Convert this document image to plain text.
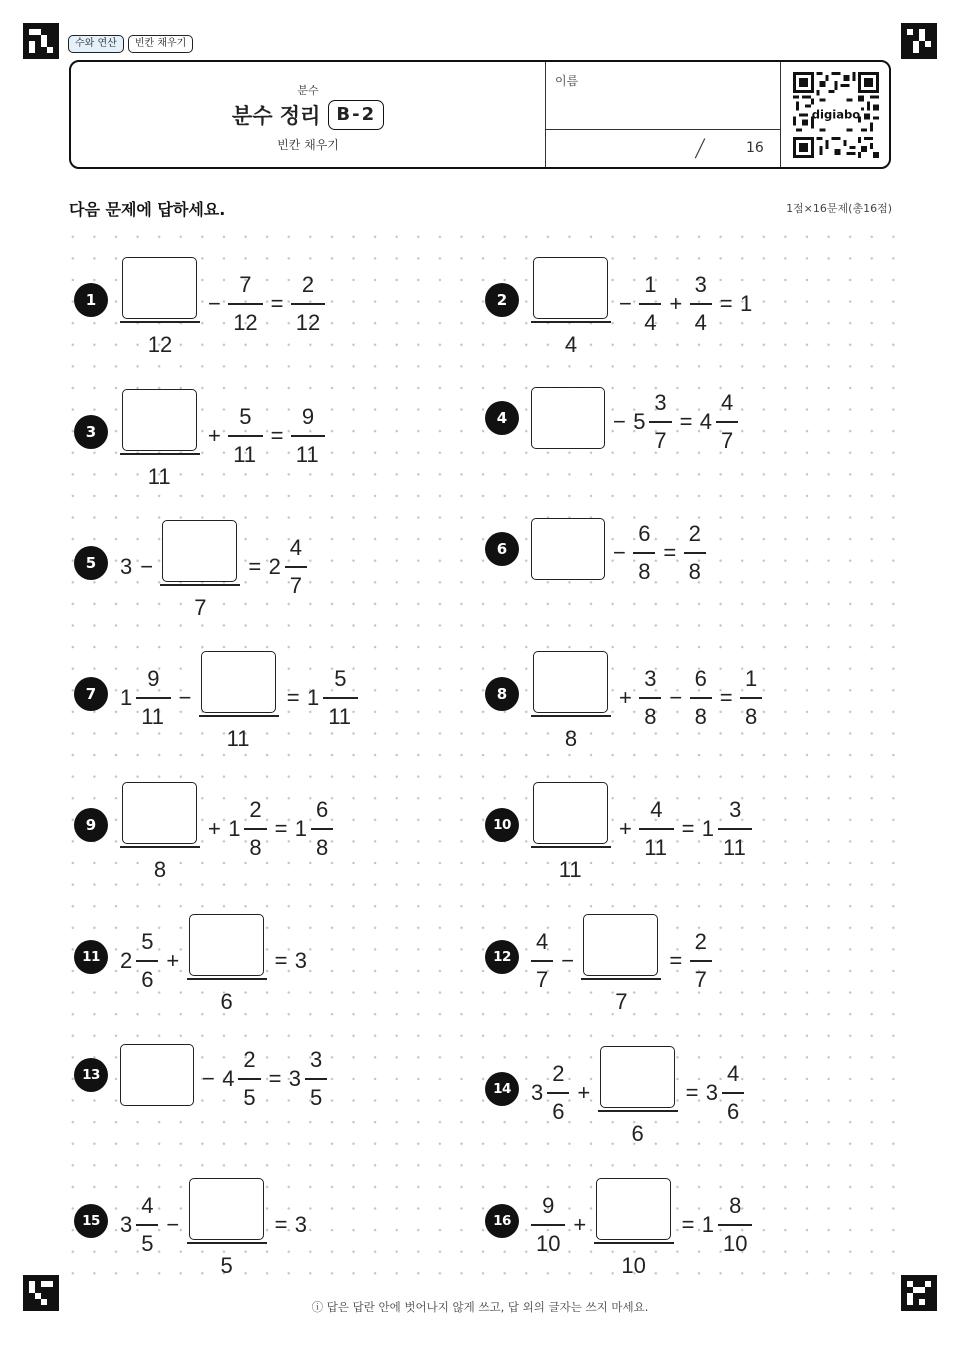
수와 연산	빈칸 채우기
분수
분수 정리 B-2
빈칸 채우기
이름
/	16
digiabo
다음 문제에 답하세요.	1점×16문제(총16점)
1
12
−
7
12
=
2
12
2
4
−
1
4
+
3
4
= 1
3
11
+
5
11
=
9
11
4	− 5
3
7
= 4
4
7
5	3 −
7
= 2
4
7
6	−
6
8
=
2
8
7	1
9
11
−
11
= 1
5
11
8
8
+
3
8
−
6
8
=
1
8
9
8
+ 1
2
8
= 1
6
8
10
11
+
4
11
= 1
3
11
11 2
5
6
+
6
= 3	12
4
7
−
7
=
2
7
13	− 4
2
5
= 3
3
5	14 3
2
6
+
6
= 3
4
6
15 3
4
5
−
5
= 3	16
9
10
+
10
= 1
8
10
ⓘ 답은 답란 안에 벗어나지 않게 쓰고, 답 외의 글자는 쓰지 마세요.
